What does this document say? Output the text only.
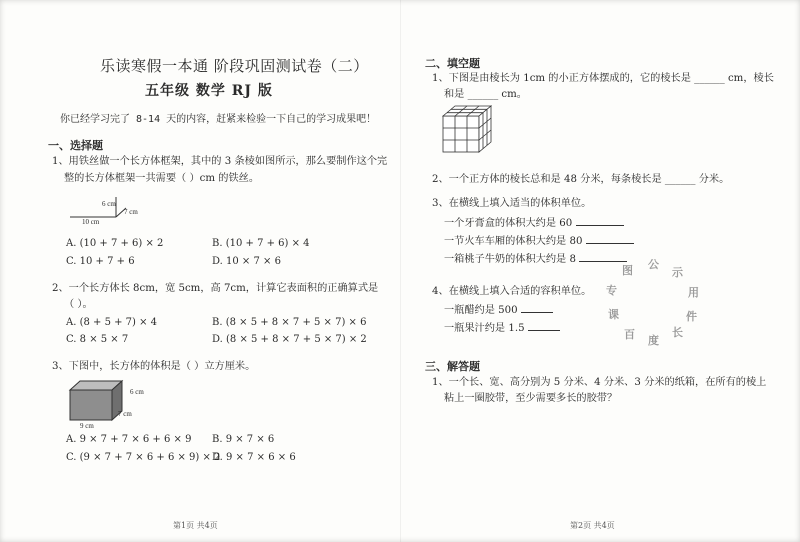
乐读寒假一本通 阶段巩固测试卷（二）
五年级 数学 RJ 版
你已经学习完了 8-14 天的内容，赶紧来检验一下自己的学习成果吧！
一、选择题
1、用铁丝做一个长方体框架，其中的 3 条棱如图所示，那么要制作这个完
整的长方体框架一共需要（ ）cm 的铁丝。
6 cm
7 cm
10 cm
A. (10 + 7 + 6) × 2	B. (10 + 7 + 6) × 4
C. 10 + 7 + 6	D. 10 × 7 × 6
2、一个长方体长 8cm，宽 5cm，高 7cm，计算它表面积的正确算式是
（ ）。
A. (8 + 5 + 7) × 4	B. (8 × 5 + 8 × 7 + 5 × 7) × 6
C. 8 × 5 × 7	D. (8 × 5 + 8 × 7 + 5 × 7) × 2
3、下图中，长方体的体积是（ ）立方厘米。
6 cm
7 cm
9 cm
A. 9 × 7 + 7 × 6 + 6 × 9 B. 9 × 7 × 6
C. (9 × 7 + 7 × 6 + 6 × 9) × 2
D. 9 × 7 × 6 × 6
第1页 共4页
二、填空题
1、下图是由棱长为 1cm 的小正方体摆成的，它的棱长是 ______ cm，棱长
和是 ______ cm。
2、一个正方体的棱长总和是 48 分米，每条棱长是 ______ 分米。
3、在横线上填入适当的体积单位。
一个牙膏盒的体积大约是 60
一节火车车厢的体积大约是 80
一箱桃子牛奶的体积大约是 8
4、在横线上填入合适的容积单位。
一瓶醋约是 500
一瓶果汁约是 1.5
图 公
示
专	用
课	件
百 度
长
三、解答题
1、一个长、宽、高分别为 5 分米、4 分米、3 分米的纸箱，在所有的棱上
粘上一圈胶带，至少需要多长的胶带？
第2页 共4页
